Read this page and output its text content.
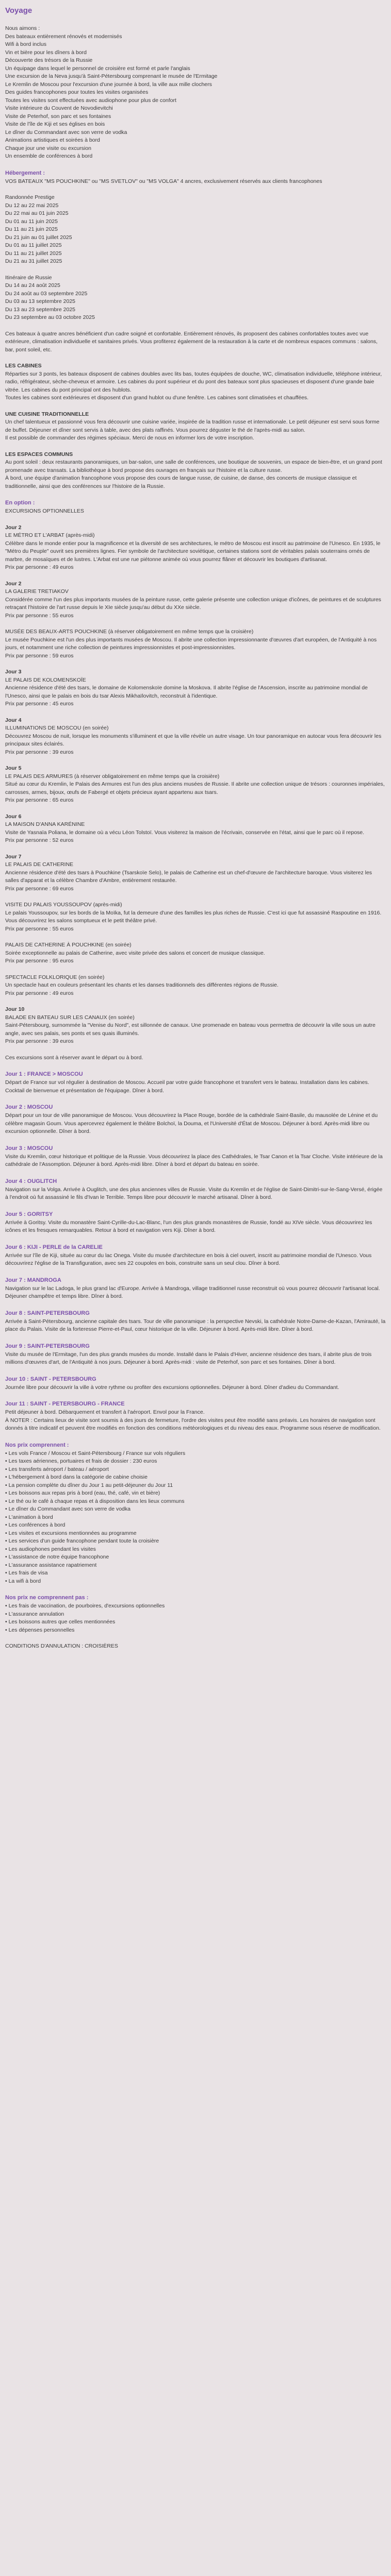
Voyage

Nous aimons :

Des bateaux entièrement rénovés et modernisés

Wifi à bord inclus

Vin et bière pour les dîners à bord

Découverte des trésors de la Russie

Un équipage dans lequel le personnel de croisière est formé et parle l'anglais

Une excursion de la Neva jusqu'à Saint-Pétersbourg comprenant le musée de l'Ermitage

Le Kremlin de Moscou pour l'excursion d'une journée à bord, la ville aux mille clochers

Des guides francophones pour toutes les visites organisées

Toutes les visites sont effectuées avec audiophone pour plus de confort

Visite intérieure du Couvent de Novodievitchi

Visite de Peterhof, son parc et ses fontaines

Visite de l'île de Kiji et ses églises en bois

Le dîner du Commandant avec son verre de vodka

Animations artistiques et soirées à bord

Chaque jour une visite ou excursion

Un ensemble de conférences à bord

Hébergement :

VOS BATEAUX "MS POUCHKINE" ou "MS SVETLOV" ou "MS VOLGA" 4 ancres, exclusivement réservés aux clients francophones

Randonnée Prestige

Du 12 au 22 mai 2025

Du 22 mai au 01 juin 2025

Du 01 au 11 juin 2025

Du 11 au 21 juin 2025

Du 21 juin au 01 juillet 2025

Du 01 au 11 juillet 2025

Du 11 au 21 juillet 2025

Du 21 au 31 juillet 2025

Itinéraire de Russie

Du 14 au 24 août 2025

Du 24 août au 03 septembre 2025

Du 03 au 13 septembre 2025

Du 13 au 23 septembre 2025

Du 23 septembre au 03 octobre 2025

Ces bateaux à quatre ancres bénéficient d'un cadre soigné et confortable. Entièrement rénovés, ils proposent des cabines confortables toutes avec vue extérieure, climatisation individuelle et sanitaires privés. Vous profiterez également de la restauration à la carte et de nombreux espaces communs : salons, bar, pont soleil, etc.

LES CABINES

Réparties sur 3 ponts, les bateaux disposent de cabines doubles avec lits bas, toutes équipées de douche, WC, climatisation individuelle, téléphone intérieur, radio, réfrigérateur, sèche-cheveux et armoire. Les cabines du pont supérieur et du pont des bateaux sont plus spacieuses et disposent d'une grande baie vitrée. Les cabines du pont principal ont des hublots.

Toutes les cabines sont extérieures et disposent d'un grand hublot ou d'une fenêtre. Les cabines sont climatisées et chauffées.

UNE CUISINE TRADITIONNELLE

Un chef talentueux et passionné vous fera découvrir une cuisine variée, inspirée de la tradition russe et internationale. Le petit déjeuner est servi sous forme de buffet. Déjeuner et dîner sont servis à table, avec des plats raffinés. Vous pourrez déguster le thé de l'après-midi au salon.

Il est possible de commander des régimes spéciaux. Merci de nous en informer lors de votre inscription.

LES ESPACES COMMUNS

Au pont soleil : deux restaurants panoramiques, un bar-salon, une salle de conférences, une boutique de souvenirs, un espace de bien-être, et un grand pont promenade avec transats. La bibliothèque à bord propose des ouvrages en français sur l'histoire et la culture russe.

À bord, une équipe d'animation francophone vous propose des cours de langue russe, de cuisine, de danse, des concerts de musique classique et traditionnelle, ainsi que des conférences sur l'histoire de la Russie.

En option :

EXCURSIONS OPTIONNELLES

Jour 2

LE MÉTRO ET L'ARBAT (après-midi)

Célèbre dans le monde entier pour la magnificence et la diversité de ses architectures, le métro de Moscou est inscrit au patrimoine de l'Unesco. En 1935, le "Métro du Peuple" ouvrit ses premières lignes. Fier symbole de l'architecture soviétique, certaines stations sont de véritables palais souterrains ornés de marbre, de mosaïques et de lustres. L'Arbat est une rue piétonne animée où vous pourrez flâner et découvrir les boutiques d'artisanat.

Prix par personne : 49 euros

Jour 2

LA GALERIE TRETIAKOV

Considérée comme l'un des plus importants musées de la peinture russe, cette galerie présente une collection unique d'icônes, de peintures et de sculptures retraçant l'histoire de l'art russe depuis le XIe siècle jusqu'au début du XXe siècle.

Prix par personne : 55 euros

MUSÉE DES BEAUX-ARTS POUCHKINE (à réserver obligatoirement en même temps que la croisière)

Le musée Pouchkine est l'un des plus importants musées de Moscou. Il abrite une collection impressionnante d'œuvres d'art européen, de l'Antiquité à nos jours, et notamment une riche collection de peintures impressionnistes et post-impressionnistes.

Prix par personne : 59 euros

Jour 3

LE PALAIS DE KOLOMENSKOÏE

Ancienne résidence d'été des tsars, le domaine de Kolomenskoïe domine la Moskova. Il abrite l'église de l'Ascension, inscrite au patrimoine mondial de l'Unesco, ainsi que le palais en bois du tsar Alexis Mikhaïlovitch, reconstruit à l'identique.

Prix par personne : 45 euros

Jour 4

ILLUMINATIONS DE MOSCOU (en soirée)

Découvrez Moscou de nuit, lorsque les monuments s'illuminent et que la ville révèle un autre visage. Un tour panoramique en autocar vous fera découvrir les principaux sites éclairés.

Prix par personne : 39 euros

Jour 5

LE PALAIS DES ARMURES (à réserver obligatoirement en même temps que la croisière)

Situé au cœur du Kremlin, le Palais des Armures est l'un des plus anciens musées de Russie. Il abrite une collection unique de trésors : couronnes impériales, carrosses, armes, bijoux, œufs de Fabergé et objets précieux ayant appartenu aux tsars.

Prix par personne : 65 euros

Jour 6

LA MAISON D'ANNA KARÉNINE

Visite de Yasnaïa Poliana, le domaine où a vécu Léon Tolstoï. Vous visiterez la maison de l'écrivain, conservée en l'état, ainsi que le parc où il repose.

Prix par personne : 52 euros

Jour 7

LE PALAIS DE CATHERINE

Ancienne résidence d'été des tsars à Pouchkine (Tsarskoïe Selo), le palais de Catherine est un chef-d'œuvre de l'architecture baroque. Vous visiterez les salles d'apparat et la célèbre Chambre d'Ambre, entièrement restaurée.

Prix par personne : 69 euros

VISITE DU PALAIS YOUSSOUPOV (après-midi)

Le palais Youssoupov, sur les bords de la Moïka, fut la demeure d'une des familles les plus riches de Russie. C'est ici que fut assassiné Raspoutine en 1916. Vous découvrirez les salons somptueux et le petit théâtre privé.

Prix par personne : 55 euros

PALAIS DE CATHERINE À POUCHKINE (en soirée)

Soirée exceptionnelle au palais de Catherine, avec visite privée des salons et concert de musique classique.

Prix par personne : 95 euros

SPECTACLE FOLKLORIQUE (en soirée)

Un spectacle haut en couleurs présentant les chants et les danses traditionnels des différentes régions de Russie.

Prix par personne : 49 euros

Jour 10

BALADE EN BATEAU SUR LES CANAUX (en soirée)

Saint-Pétersbourg, surnommée la "Venise du Nord", est sillonnée de canaux. Une promenade en bateau vous permettra de découvrir la ville sous un autre angle, avec ses palais, ses ponts et ses quais illuminés.

Prix par personne : 39 euros

Ces excursions sont à réserver avant le départ ou à bord.

Jour 1 : FRANCE > MOSCOU

Départ de France sur vol régulier à destination de Moscou. Accueil par votre guide francophone et transfert vers le bateau. Installation dans les cabines. Cocktail de bienvenue et présentation de l'équipage. Dîner à bord.

Jour 2 : MOSCOU

Départ pour un tour de ville panoramique de Moscou. Vous découvrirez la Place Rouge, bordée de la cathédrale Saint-Basile, du mausolée de Lénine et du célèbre magasin Goum. Vous apercevrez également le théâtre Bolchoï, la Douma, et l'Université d'État de Moscou. Déjeuner à bord. Après-midi libre ou excursion optionnelle. Dîner à bord.

Jour 3 : MOSCOU

Visite du Kremlin, cœur historique et politique de la Russie. Vous découvrirez la place des Cathédrales, le Tsar Canon et la Tsar Cloche. Visite intérieure de la cathédrale de l'Assomption. Déjeuner à bord. Après-midi libre. Dîner à bord et départ du bateau en soirée.

Jour 4 : OUGLITCH

Navigation sur la Volga. Arrivée à Ouglitch, une des plus anciennes villes de Russie. Visite du Kremlin et de l'église de Saint-Dimitri-sur-le-Sang-Versé, érigée à l'endroit où fut assassiné le fils d'Ivan le Terrible. Temps libre pour découvrir le marché artisanal. Dîner à bord.

Jour 5 : GORITSY

Arrivée à Goritsy. Visite du monastère Saint-Cyrille-du-Lac-Blanc, l'un des plus grands monastères de Russie, fondé au XIVe siècle. Vous découvrirez les icônes et les fresques remarquables. Retour à bord et navigation vers Kiji. Dîner à bord.

Jour 6 : KIJI - PERLE de la CARELIE

Arrivée sur l'île de Kiji, située au cœur du lac Onega. Visite du musée d'architecture en bois à ciel ouvert, inscrit au patrimoine mondial de l'Unesco. Vous découvrirez l'église de la Transfiguration, avec ses 22 coupoles en bois, construite sans un seul clou. Dîner à bord.

Jour 7 : MANDROGA

Navigation sur le lac Ladoga, le plus grand lac d'Europe. Arrivée à Mandroga, village traditionnel russe reconstruit où vous pourrez découvrir l'artisanat local. Déjeuner champêtre et temps libre. Dîner à bord.

Jour 8 : SAINT-PETERSBOURG

Arrivée à Saint-Pétersbourg, ancienne capitale des tsars. Tour de ville panoramique : la perspective Nevski, la cathédrale Notre-Dame-de-Kazan, l'Amirauté, la place du Palais. Visite de la forteresse Pierre-et-Paul, cœur historique de la ville. Déjeuner à bord. Après-midi libre. Dîner à bord.

Jour 9 : SAINT-PETERSBOURG

Visite du musée de l'Ermitage, l'un des plus grands musées du monde. Installé dans le Palais d'Hiver, ancienne résidence des tsars, il abrite plus de trois millions d'œuvres d'art, de l'Antiquité à nos jours. Déjeuner à bord. Après-midi : visite de Peterhof, son parc et ses fontaines. Dîner à bord.

Jour 10 : SAINT - PETERSBOURG

Journée libre pour découvrir la ville à votre rythme ou profiter des excursions optionnelles. Déjeuner à bord. Dîner d'adieu du Commandant.

Jour 11 : SAINT - PETERSBOURG - FRANCE

Petit déjeuner à bord. Débarquement et transfert à l'aéroport. Envol pour la France.

À NOTER : Certains lieux de visite sont soumis à des jours de fermeture, l'ordre des visites peut être modifié sans préavis. Les horaires de navigation sont donnés à titre indicatif et peuvent être modifiés en fonction des conditions météorologiques et du niveau des eaux. Programme sous réserve de modification.

Nos prix comprennent :

• Les vols France / Moscou et Saint-Pétersbourg / France sur vols réguliers

• Les taxes aériennes, portuaires et frais de dossier : 230 euros

• Les transferts aéroport / bateau / aéroport

• L'hébergement à bord dans la catégorie de cabine choisie

• La pension complète du dîner du Jour 1 au petit-déjeuner du Jour 11

• Les boissons aux repas pris à bord (eau, thé, café, vin et bière)

• Le thé ou le café à chaque repas et à disposition dans les lieux communs

• Le dîner du Commandant avec son verre de vodka

• L'animation à bord

• Les conférences à bord

• Les visites et excursions mentionnées au programme

• Les services d'un guide francophone pendant toute la croisière

• Les audiophones pendant les visites

• L'assistance de notre équipe francophone

• L'assurance assistance rapatriement

• Les frais de visa

• La wifi à bord

Nos prix ne comprennent pas :

• Les frais de vaccination, de pourboires, d'excursions optionnelles

• L'assurance annulation

• Les boissons autres que celles mentionnées

• Les dépenses personnelles

CONDITIONS D'ANNULATION : CROISIÈRES
